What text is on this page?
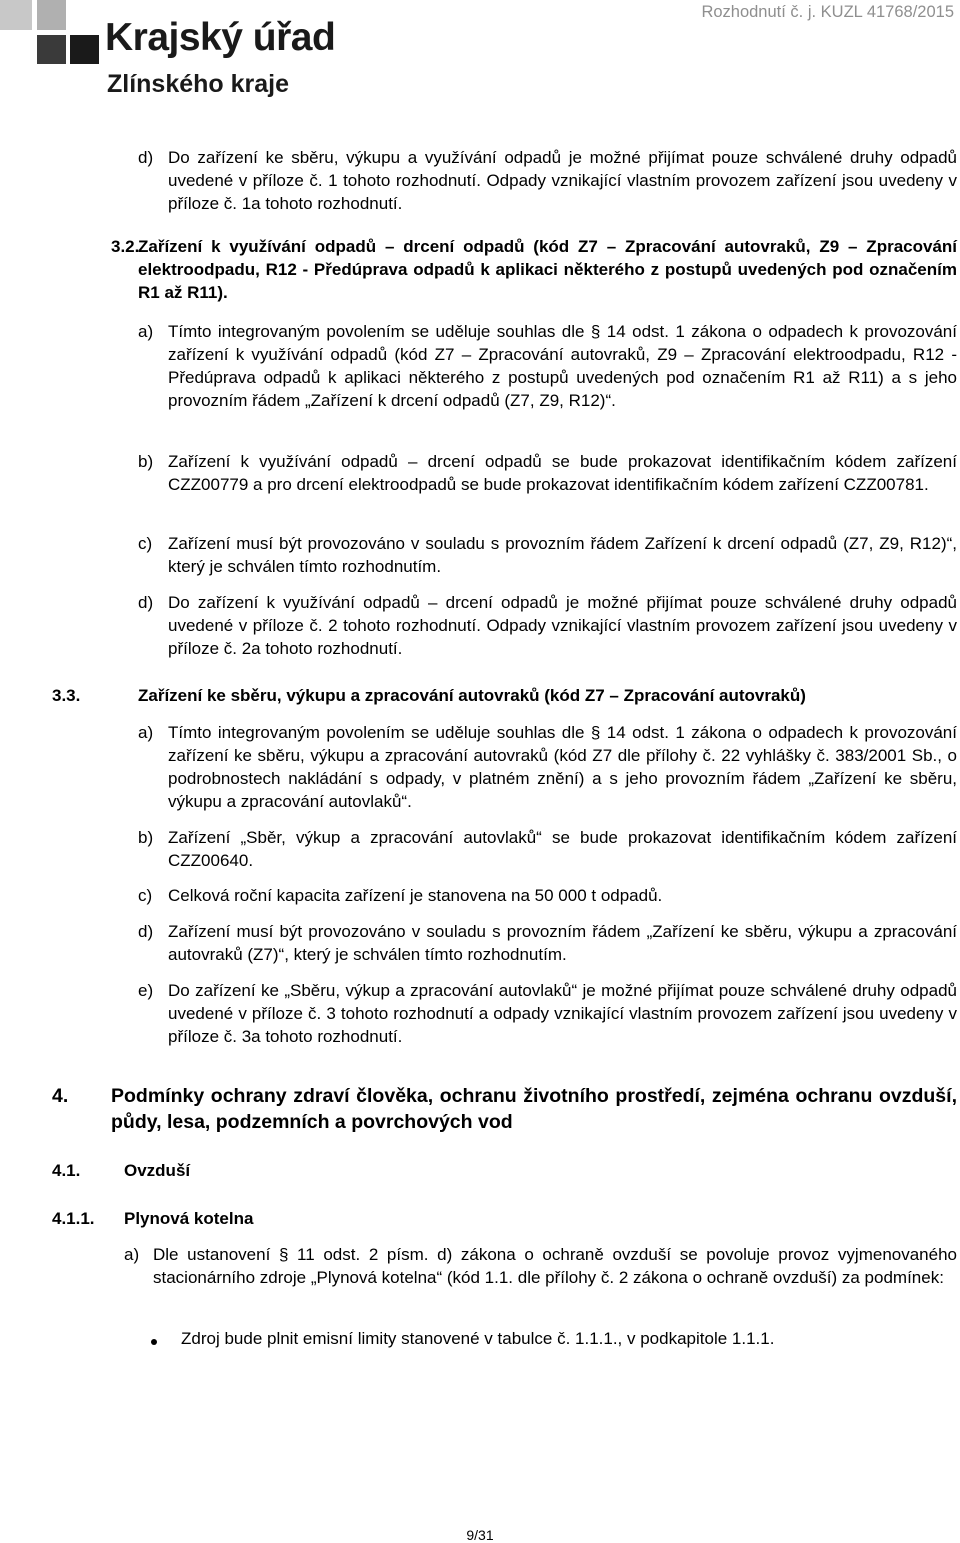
Krajský úřad
Zlínského kraje
Rozhodnutí č. j. KUZL 41768/2015
d) Do zařízení ke sběru, výkupu a využívání odpadů je možné přijímat pouze schválené druhy odpadů uvedené v příloze č. 1 tohoto rozhodnutí. Odpady vznikající vlastním provozem zařízení jsou uvedeny v příloze č. 1a tohoto rozhodnutí.

3.2.

Zařízení k využívání odpadů – drcení odpadů (kód Z7 – Zpracování autovraků, Z9 – Zpracování elektroodpadu, R12 - Předúprava odpadů k aplikaci některého z postupů uvedených pod označením R1 až R11).

a) Tímto integrovaným povolením se uděluje souhlas dle § 14 odst. 1 zákona o odpadech k provozování zařízení k využívání odpadů (kód Z7 – Zpracování autovraků, Z9 – Zpracování elektroodpadu, R12 - Předúprava odpadů k aplikaci některého z postupů uvedených pod označením R1 až R11) a s jeho provozním řádem „Zařízení k drcení odpadů (Z7, Z9, R12)“.

b) Zařízení k využívání odpadů – drcení odpadů se bude prokazovat identifikačním kódem zařízení CZZ00779 a pro drcení elektroodpadů se bude prokazovat identifikačním kódem zařízení CZZ00781.

c) Zařízení musí být provozováno v souladu s provozním řádem Zařízení k drcení odpadů (Z7, Z9, R12)“, který je schválen tímto rozhodnutím.

d) Do zařízení k využívání odpadů – drcení odpadů je možné přijímat pouze schválené druhy odpadů uvedené v příloze č. 2 tohoto rozhodnutí. Odpady vznikající vlastním provozem zařízení jsou uvedeny v příloze č. 2a tohoto rozhodnutí.

3.3.	Zařízení ke sběru, výkupu a zpracování autovraků (kód Z7 – Zpracování autovraků)
a) Tímto integrovaným povolením se uděluje souhlas dle § 14 odst. 1 zákona o odpadech k provozování zařízení ke sběru, výkupu a zpracování autovraků (kód Z7 dle přílohy č. 22 vyhlášky č. 383/2001 Sb., o podrobnostech nakládání s odpady, v platném znění) a s jeho provozním řádem „Zařízení ke sběru, výkupu a zpracování autovlaků“.

b) Zařízení „Sběr, výkup a zpracování autovlaků“ se bude prokazovat identifikačním kódem zařízení CZZ00640.

c) Celková roční kapacita zařízení je stanovena na 50 000 t odpadů.

d) Zařízení musí být provozováno v souladu s provozním řádem „Zařízení ke sběru, výkupu a zpracování autovraků (Z7)“, který je schválen tímto rozhodnutím.

e) Do zařízení ke „Sběru, výkup a zpracování autovlaků“ je možné přijímat pouze schválené druhy odpadů uvedené v příloze č. 3 tohoto rozhodnutí a odpady vznikající vlastním provozem zařízení jsou uvedeny v příloze č. 3a tohoto rozhodnutí.

4. Podmínky ochrany zdraví člověka, ochranu životního prostředí, zejména ochranu ovzduší, půdy, lesa, podzemních a povrchových vod

4.1.	Ovzduší
4.1.1. Plynová kotelna
a) Dle ustanovení § 11 odst. 2 písm. d) zákona o ochraně ovzduší se povoluje provoz vyjmenovaného stacionárního zdroje „Plynová kotelna“ (kód 1.1. dle přílohy č. 2 zákona o ochraně ovzduší) za podmínek:

Zdroj bude plnit emisní limity stanovené v tabulce č. 1.1.1., v podkapitole 1.1.1.

9/31
